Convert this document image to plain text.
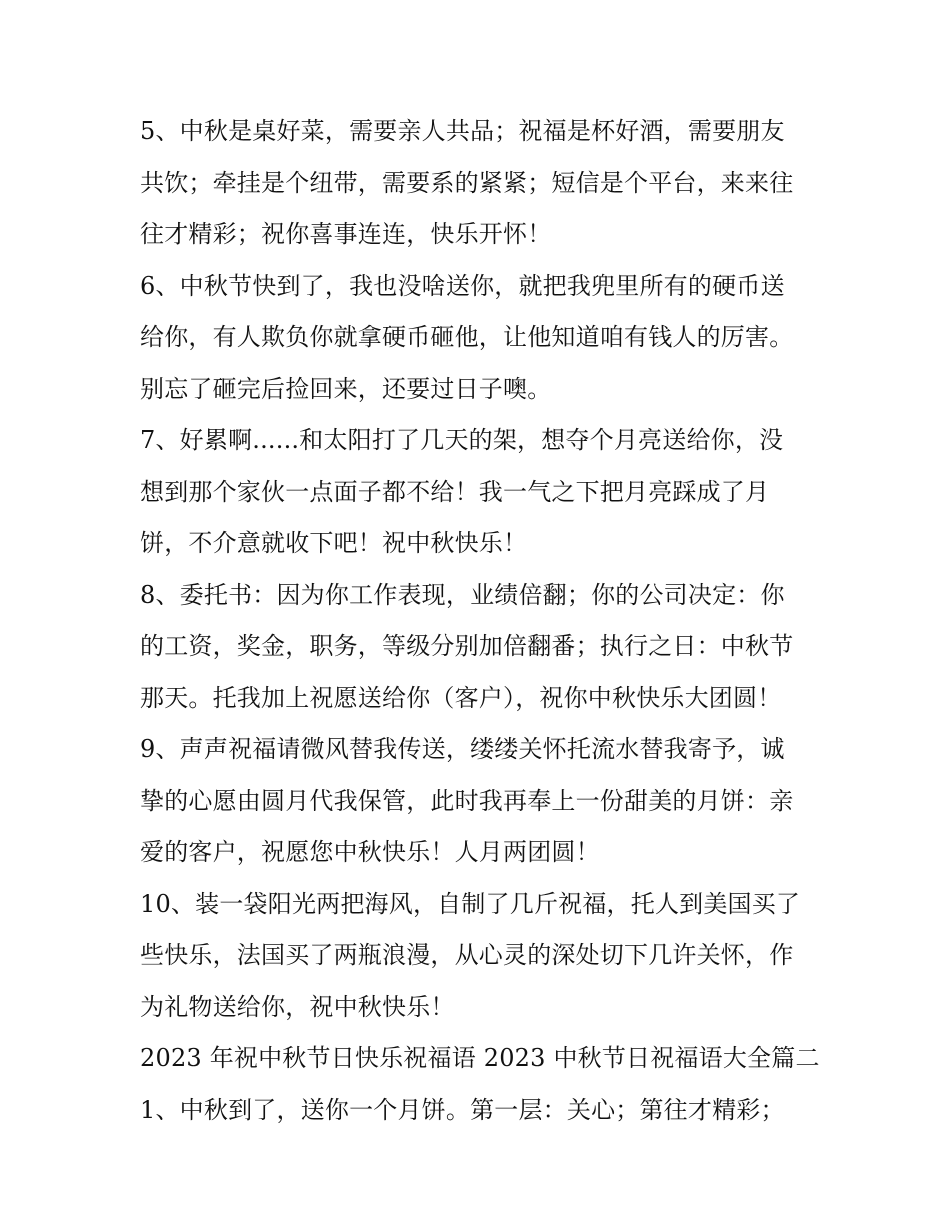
5、中秋是桌好菜，需要亲人共品；祝福是杯好酒，需要朋友
共饮；牵挂是个纽带，需要系的紧紧；短信是个平台，来来往
往才精彩；祝你喜事连连，快乐开怀！
6、中秋节快到了，我也没啥送你，就把我兜里所有的硬币送
给你，有人欺负你就拿硬币砸他，让他知道咱有钱人的厉害。
别忘了砸完后捡回来，还要过日子噢。
7、好累啊......和太阳打了几天的架，想夺个月亮送给你，没
想到那个家伙一点面子都不给！我一气之下把月亮踩成了月
饼，不介意就收下吧！祝中秋快乐！
8、委托书：因为你工作表现，业绩倍翻；你的公司决定：你
的工资，奖金，职务，等级分别加倍翻番；执行之日：中秋节
那天。托我加上祝愿送给你（客户），祝你中秋快乐大团圆！
9、声声祝福请微风替我传送，缕缕关怀托流水替我寄予，诚
挚的心愿由圆月代我保管，此时我再奉上一份甜美的月饼：亲
爱的客户，祝愿您中秋快乐！人月两团圆！
10、装一袋阳光两把海风，自制了几斤祝福，托人到美国买了
些快乐，法国买了两瓶浪漫，从心灵的深处切下几许关怀，作
为礼物送给你，祝中秋快乐！
2023 年祝中秋节日快乐祝福语 2023 中秋节日祝福语大全篇二
1、中秋到了，送你一个月饼。第一层：关心；第往才精彩；
